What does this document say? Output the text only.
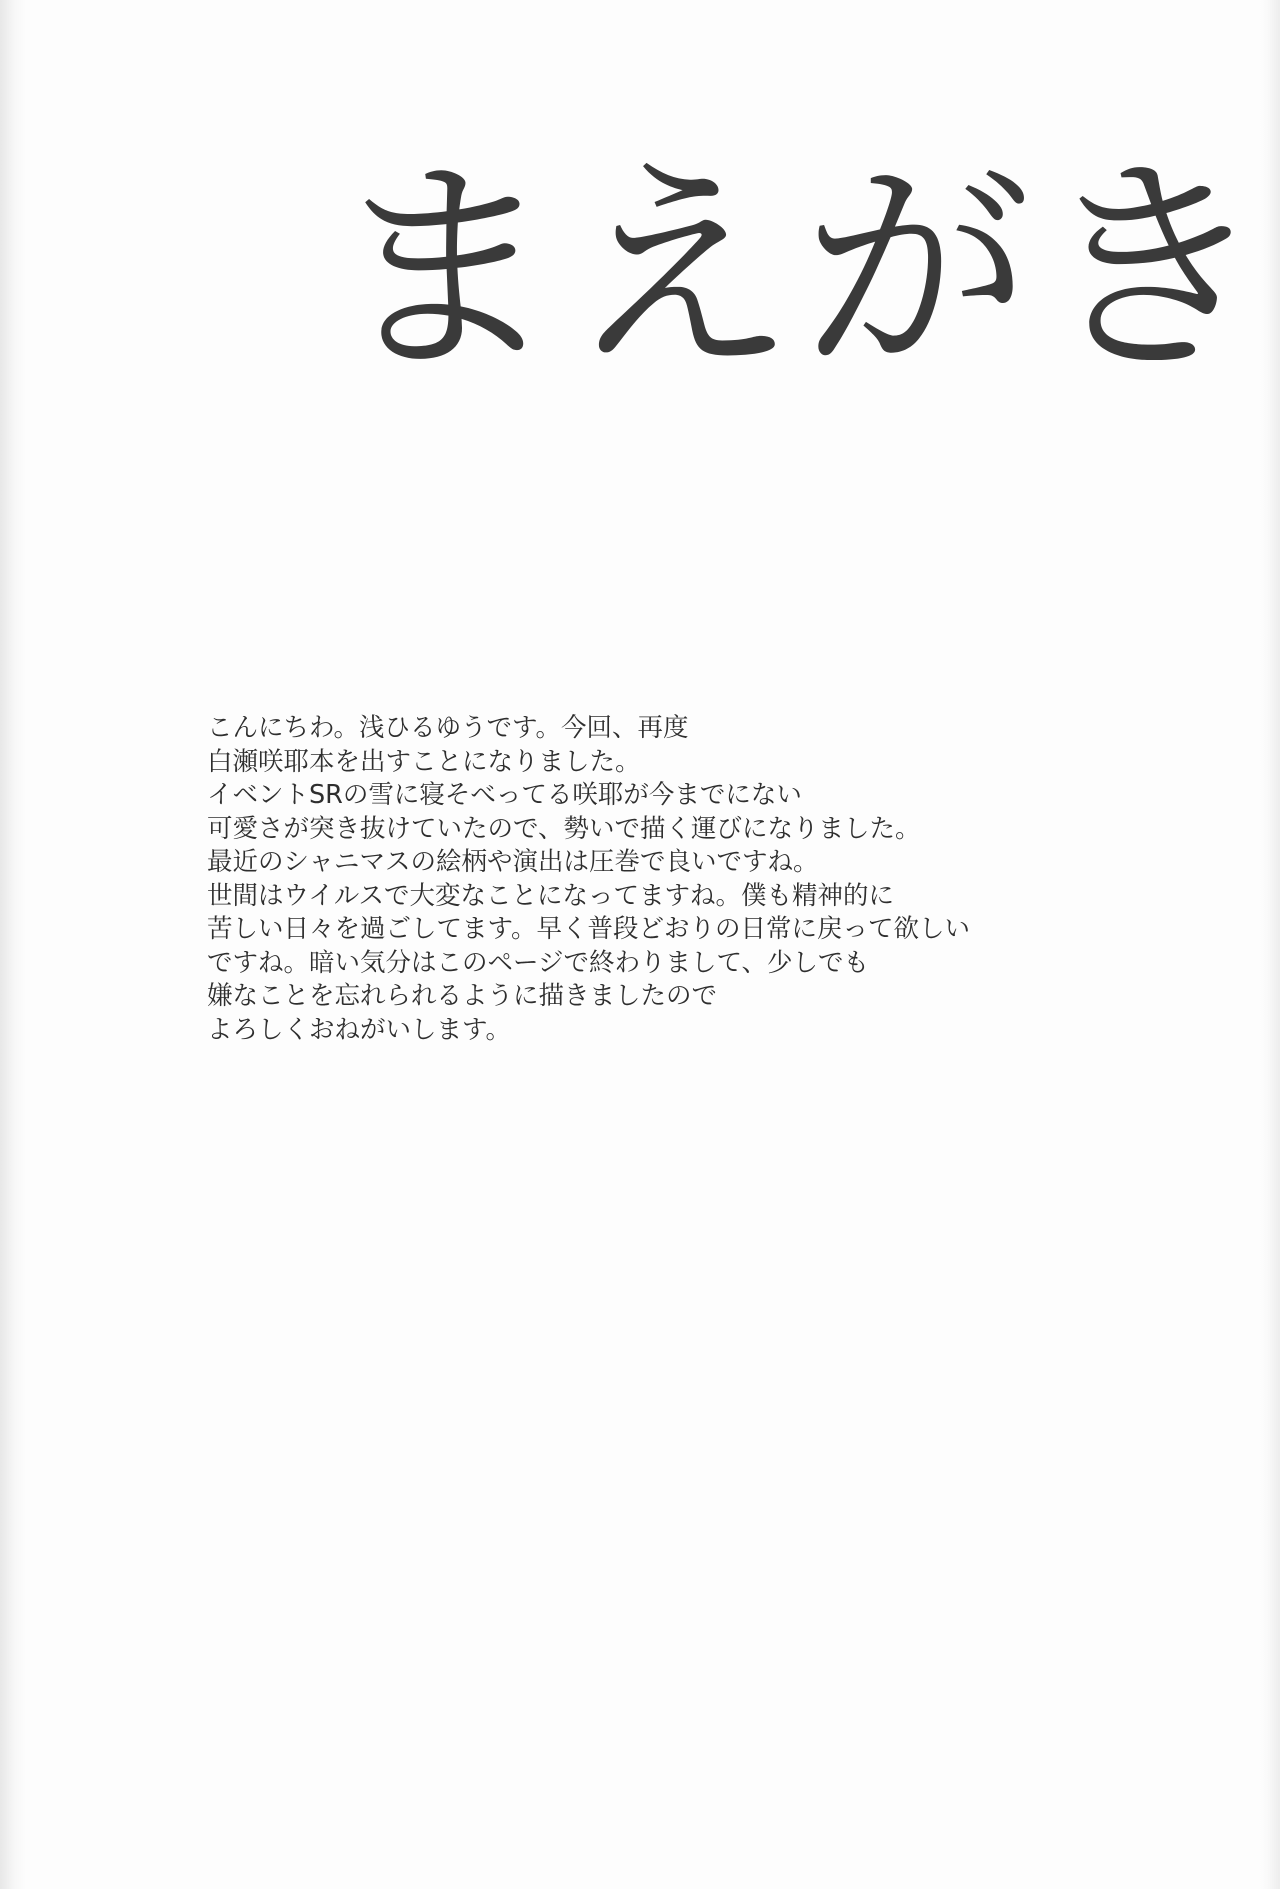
まえがき

こんにちわ。浅ひるゆうです。今回、再度

白瀬咲耶本を出すことになりました。

イベントSRの雪に寝そべってる咲耶が今までにない

可愛さが突き抜けていたので、勢いで描く運びになりました。

最近のシャニマスの絵柄や演出は圧巻で良いですね。

世間はウイルスで大変なことになってますね。僕も精神的に

苦しい日々を過ごしてます。早く普段どおりの日常に戻って欲しい

ですね。暗い気分はこのページで終わりまして、少しでも

嫌なことを忘れられるように描きましたので

よろしくおねがいします。
